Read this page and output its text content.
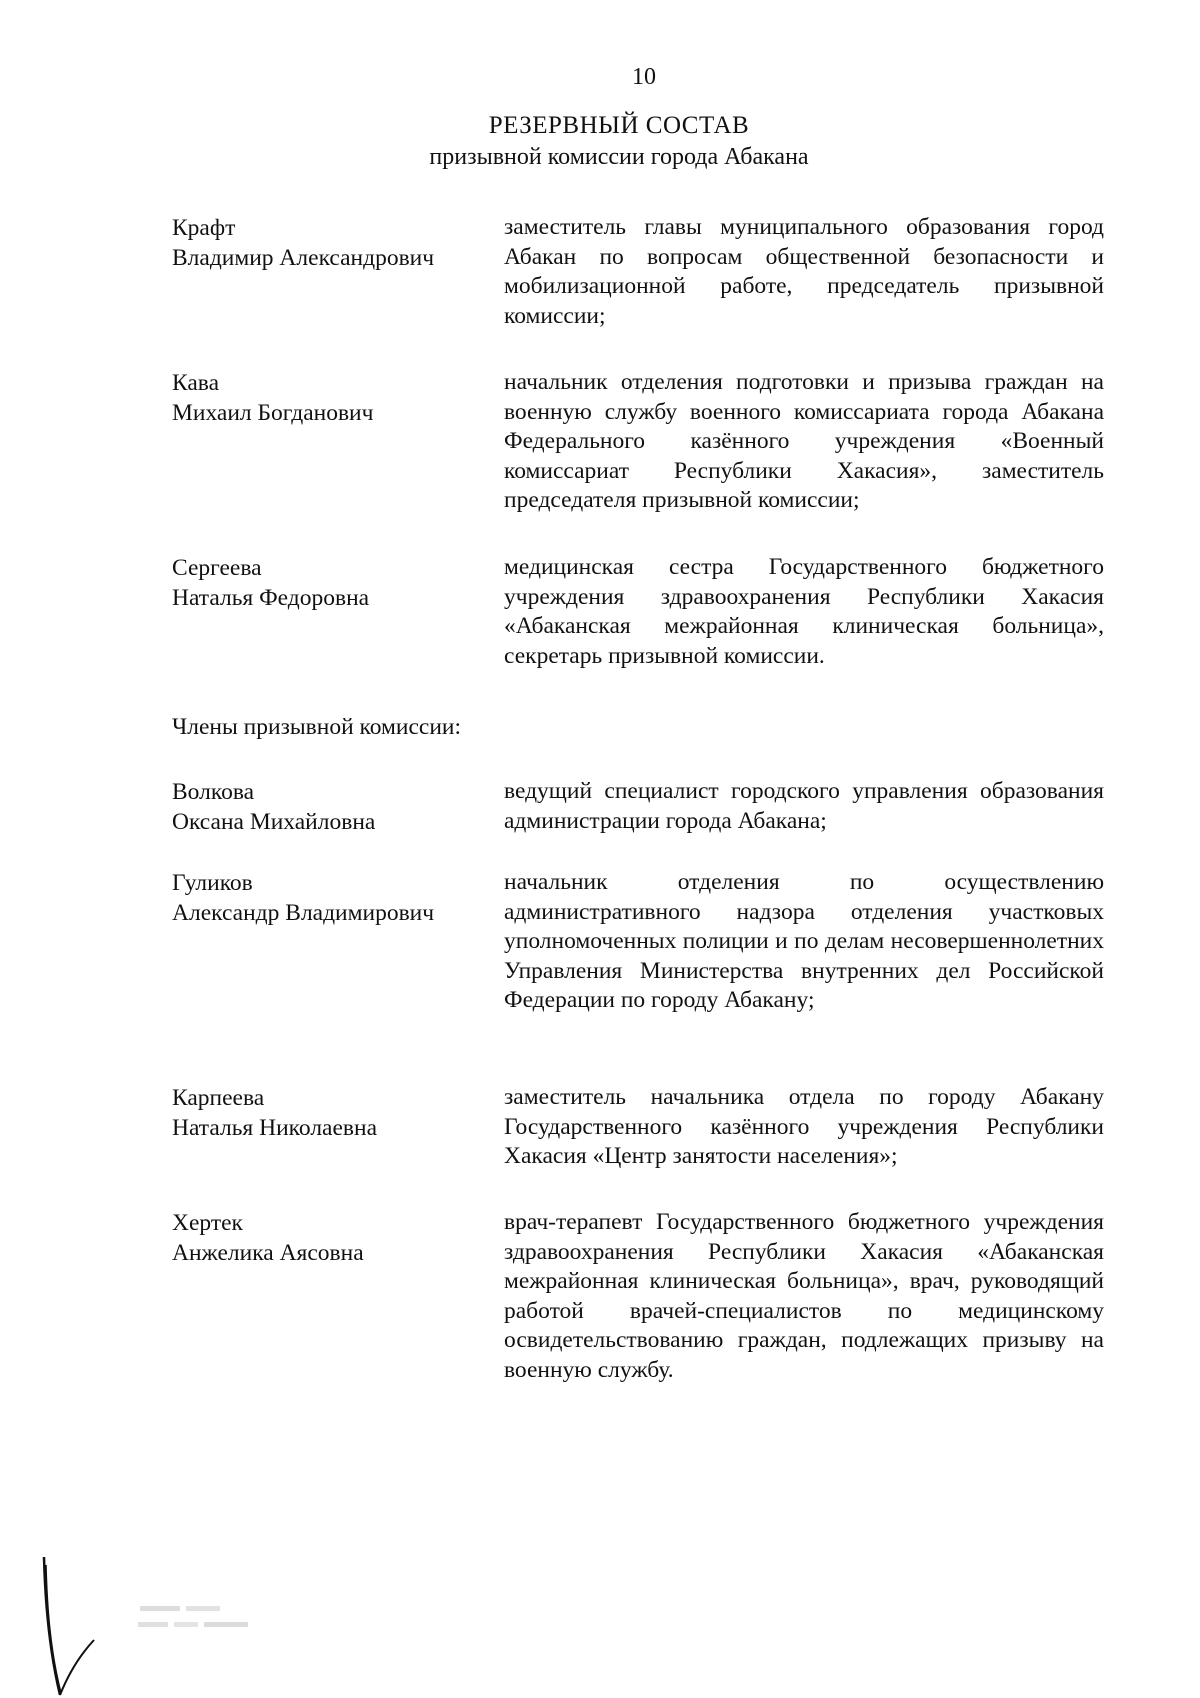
10
РЕЗЕРВНЫЙ СОСТАВ
призывной комиссии города Абакана
Крафт
Владимир Александрович
заместитель главы муниципального образования город Абакан по вопросам общественной безопасности и мобилизационной работе, председатель призывной комиссии;
Кава
Михаил Богданович
начальник отделения подготовки и призыва граждан на военную службу военного комиссариата города Абакана Федерального казённого учреждения «Военный комиссариат Республики Хакасия», заместитель председателя призывной комиссии;
Сергеева
Наталья Федоровна
медицинская сестра Государственного бюджетного учреждения здравоохранения Республики Хакасия «Абаканская межрайонная клиническая больница», секретарь призывной комиссии.
Члены призывной комиссии:
Волкова
Оксана Михайловна
ведущий специалист городского управления образования администрации города Абакана;
Гуликов
Александр Владимирович
начальник отделения по осуществлению административного надзора отделения участковых уполномоченных полиции и по делам несовершеннолетних Управления Министерства внутренних дел Российской Федерации по городу Абакану;
Карпеева
Наталья Николаевна
заместитель начальника отдела по городу Абакану Государственного казённого учреждения Республики Хакасия «Центр занятости населения»;
Хертек
Анжелика Аясовна
врач-терапевт Государственного бюджетного учреждения здравоохранения Республики Хакасия «Абаканская межрайонная клиническая больница», врач, руководящий работой врачей-специалистов по медицинскому освидетельствованию граждан, подлежащих призыву на военную службу.
